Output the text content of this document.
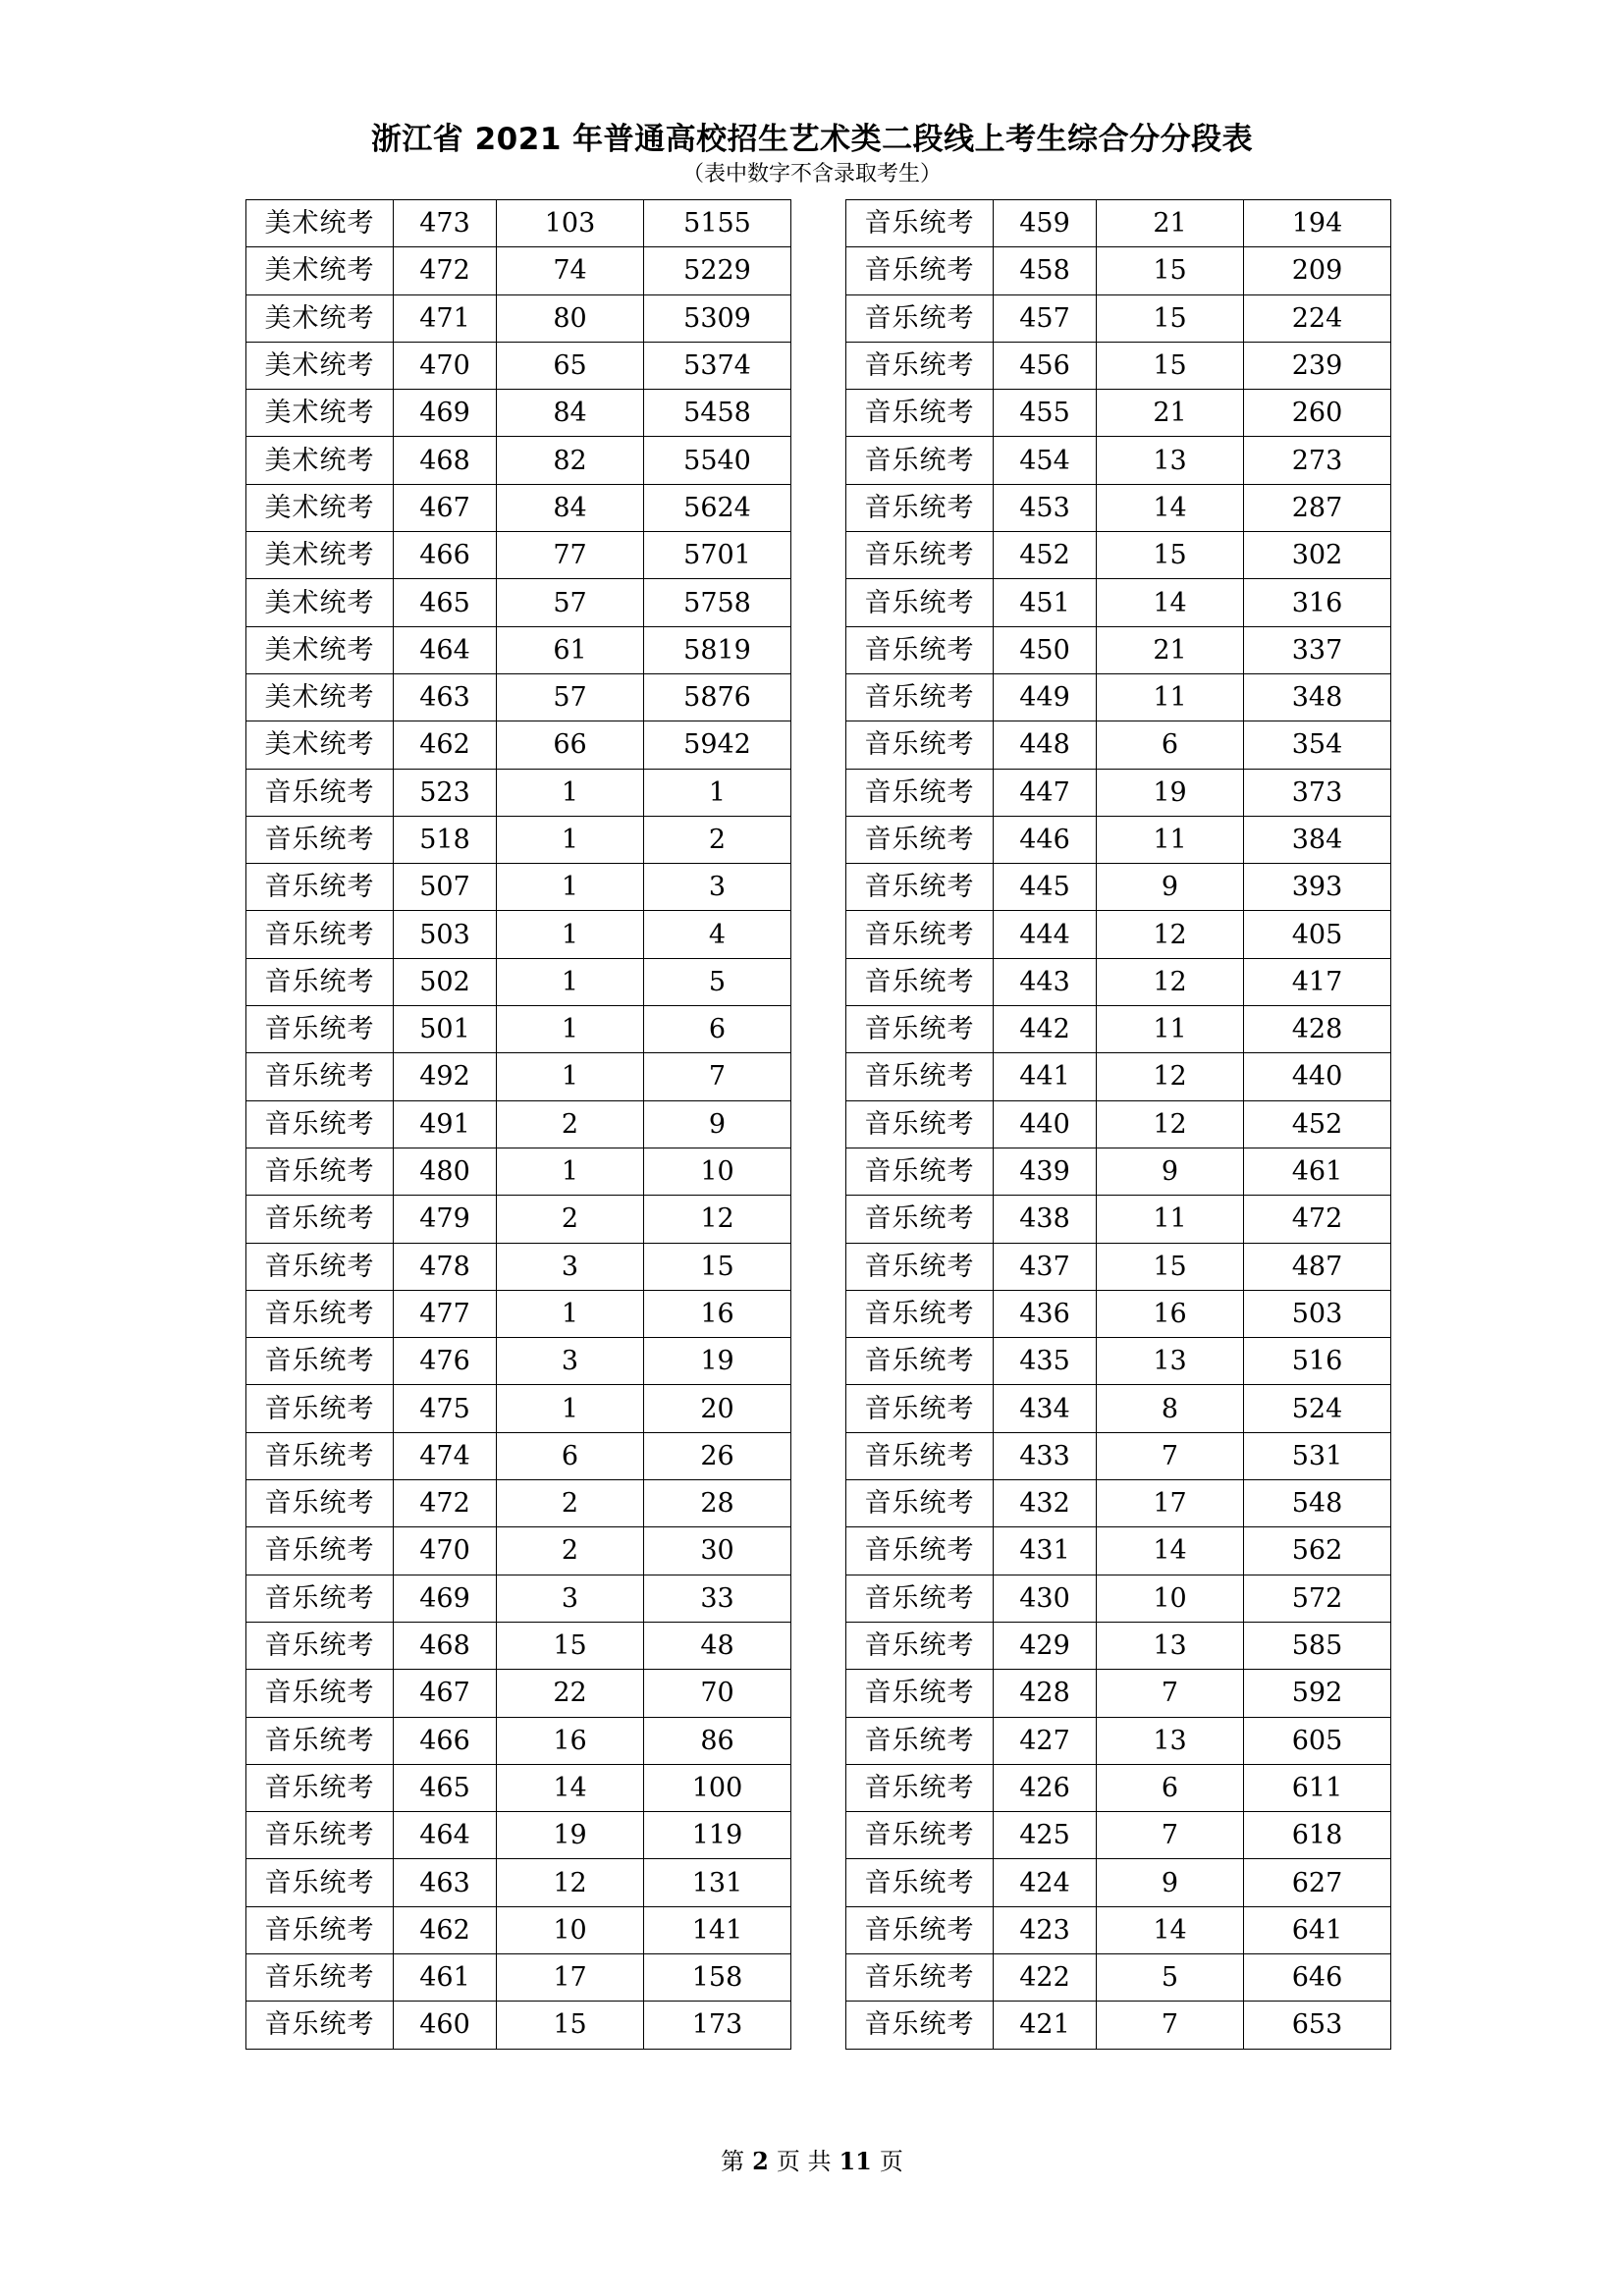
浙江省 2021 年普通高校招生艺术类二段线上考生综合分分段表
（表中数字不含录取考生）
美术统考	473	103	5155
美术统考	472	74	5229
美术统考	471	80	5309
美术统考	470	65	5374
美术统考	469	84	5458
美术统考	468	82	5540
美术统考	467	84	5624
美术统考	466	77	5701
美术统考	465	57	5758
美术统考	464	61	5819
美术统考	463	57	5876
美术统考	462	66	5942
音乐统考	523	1	1
音乐统考	518	1	2
音乐统考	507	1	3
音乐统考	503	1	4
音乐统考	502	1	5
音乐统考	501	1	6
音乐统考	492	1	7
音乐统考	491	2	9
音乐统考	480	1	10
音乐统考	479	2	12
音乐统考	478	3	15
音乐统考	477	1	16
音乐统考	476	3	19
音乐统考	475	1	20
音乐统考	474	6	26
音乐统考	472	2	28
音乐统考	470	2	30
音乐统考	469	3	33
音乐统考	468	15	48
音乐统考	467	22	70
音乐统考	466	16	86
音乐统考	465	14	100
音乐统考	464	19	119
音乐统考	463	12	131
音乐统考	462	10	141
音乐统考	461	17	158
音乐统考	460	15	173
音乐统考	459	21	194
音乐统考	458	15	209
音乐统考	457	15	224
音乐统考	456	15	239
音乐统考	455	21	260
音乐统考	454	13	273
音乐统考	453	14	287
音乐统考	452	15	302
音乐统考	451	14	316
音乐统考	450	21	337
音乐统考	449	11	348
音乐统考	448	6	354
音乐统考	447	19	373
音乐统考	446	11	384
音乐统考	445	9	393
音乐统考	444	12	405
音乐统考	443	12	417
音乐统考	442	11	428
音乐统考	441	12	440
音乐统考	440	12	452
音乐统考	439	9	461
音乐统考	438	11	472
音乐统考	437	15	487
音乐统考	436	16	503
音乐统考	435	13	516
音乐统考	434	8	524
音乐统考	433	7	531
音乐统考	432	17	548
音乐统考	431	14	562
音乐统考	430	10	572
音乐统考	429	13	585
音乐统考	428	7	592
音乐统考	427	13	605
音乐统考	426	6	611
音乐统考	425	7	618
音乐统考	424	9	627
音乐统考	423	14	641
音乐统考	422	5	646
音乐统考	421	7	653
第 2 页 共 11 页
